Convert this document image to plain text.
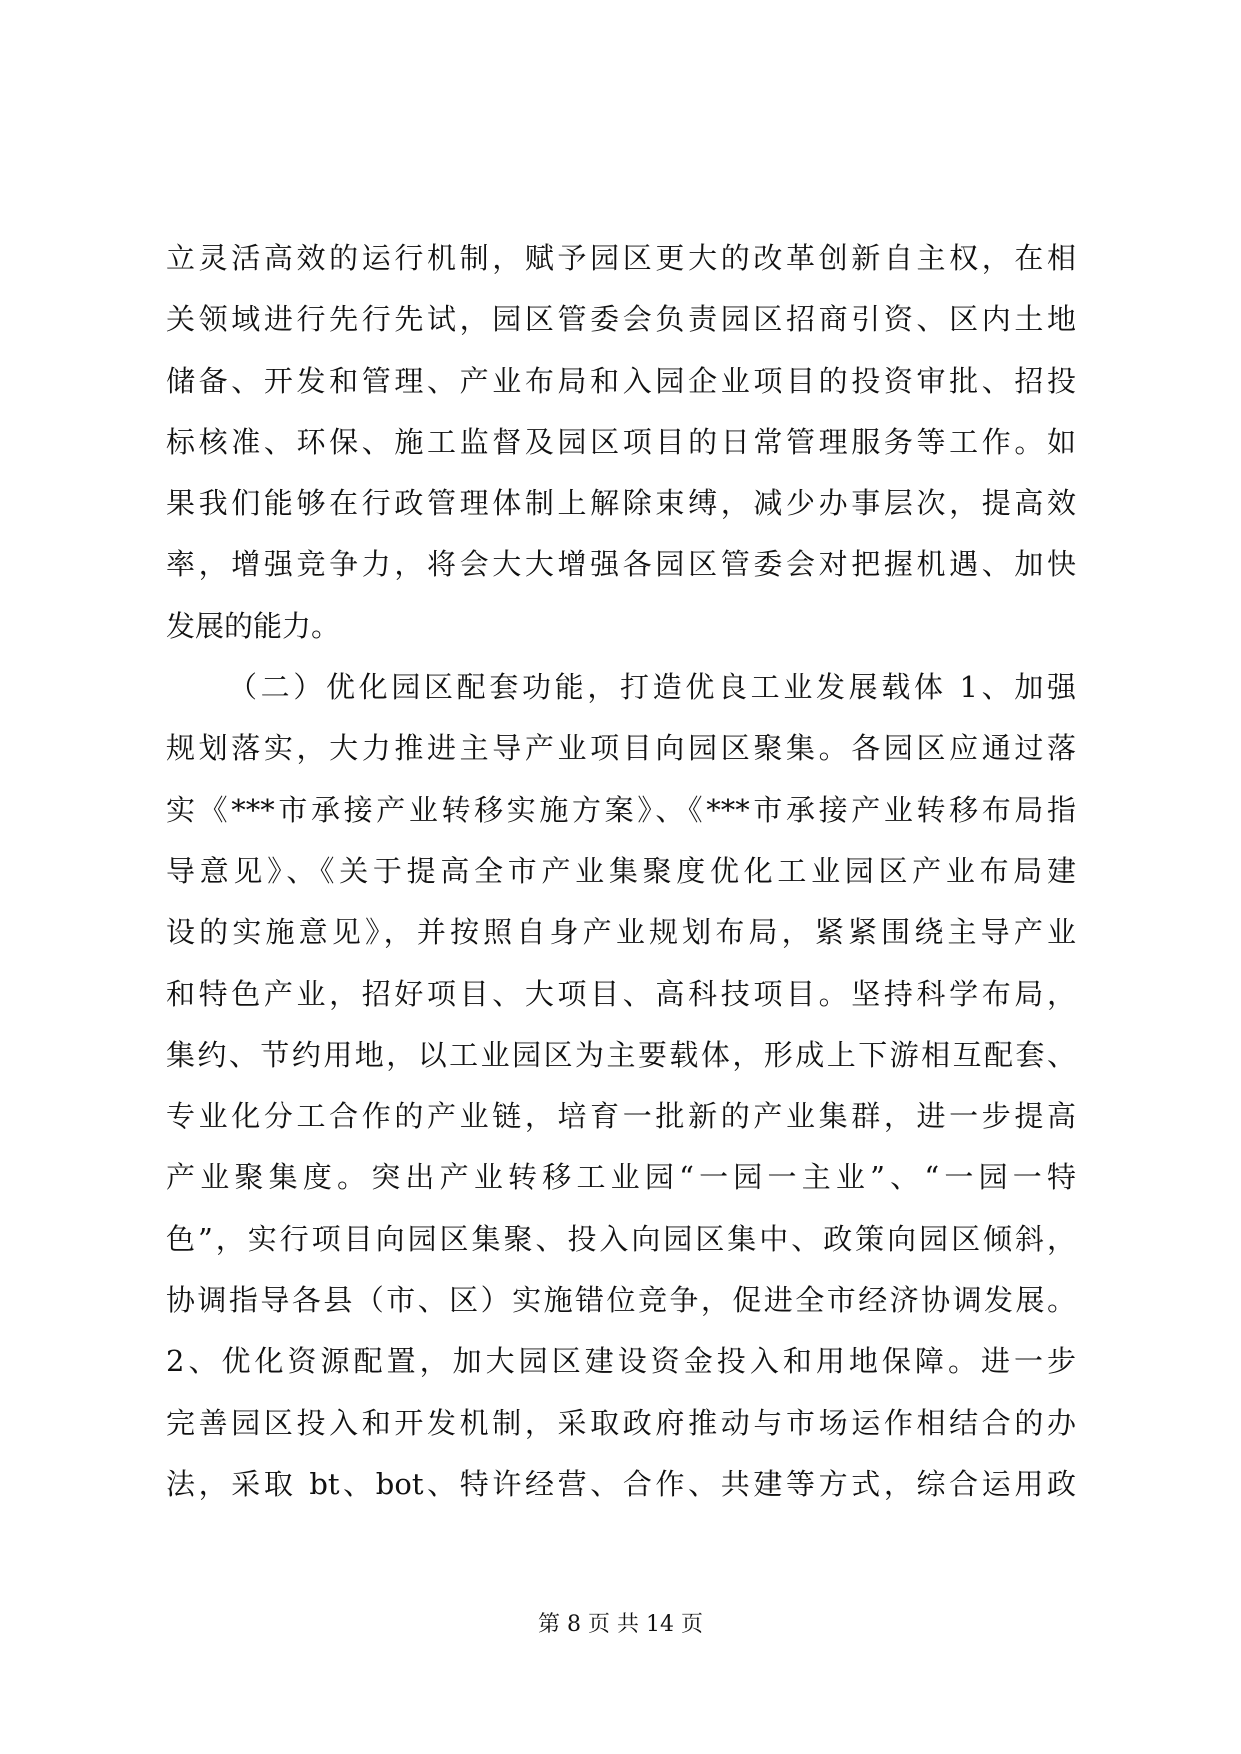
立灵活高效的运行机制，赋予园区更大的改革创新自主权，在相
关领域进行先行先试，园区管委会负责园区招商引资、区内土地
储备、开发和管理、产业布局和入园企业项目的投资审批、招投
标核准、环保、施工监督及园区项目的日常管理服务等工作。如
果我们能够在行政管理体制上解除束缚，减少办事层次，提高效
率，增强竞争力，将会大大增强各园区管委会对把握机遇、加快
发展的能力。
（二）优化园区配套功能，打造优良工业发展载体 1、加强
规划落实，大力推进主导产业项目向园区聚集。各园区应通过落
实《***市承接产业转移实施方案》、《***市承接产业转移布局指
导意见》、《关于提高全市产业集聚度优化工业园区产业布局建
设的实施意见》，并按照自身产业规划布局，紧紧围绕主导产业
和特色产业，招好项目、大项目、高科技项目。坚持科学布局，
集约、节约用地，以工业园区为主要载体，形成上下游相互配套、
专业化分工合作的产业链，培育一批新的产业集群，进一步提高
产业聚集度。突出产业转移工业园“一园一主业”、“一园一特
色”，实行项目向园区集聚、投入向园区集中、政策向园区倾斜，
协调指导各县（市、区）实施错位竞争，促进全市经济协调发展。
2、优化资源配置，加大园区建设资金投入和用地保障。进一步
完善园区投入和开发机制，采取政府推动与市场运作相结合的办
法，采取 bt、bot、特许经营、合作、共建等方式，综合运用政
第 8 页 共 14 页
